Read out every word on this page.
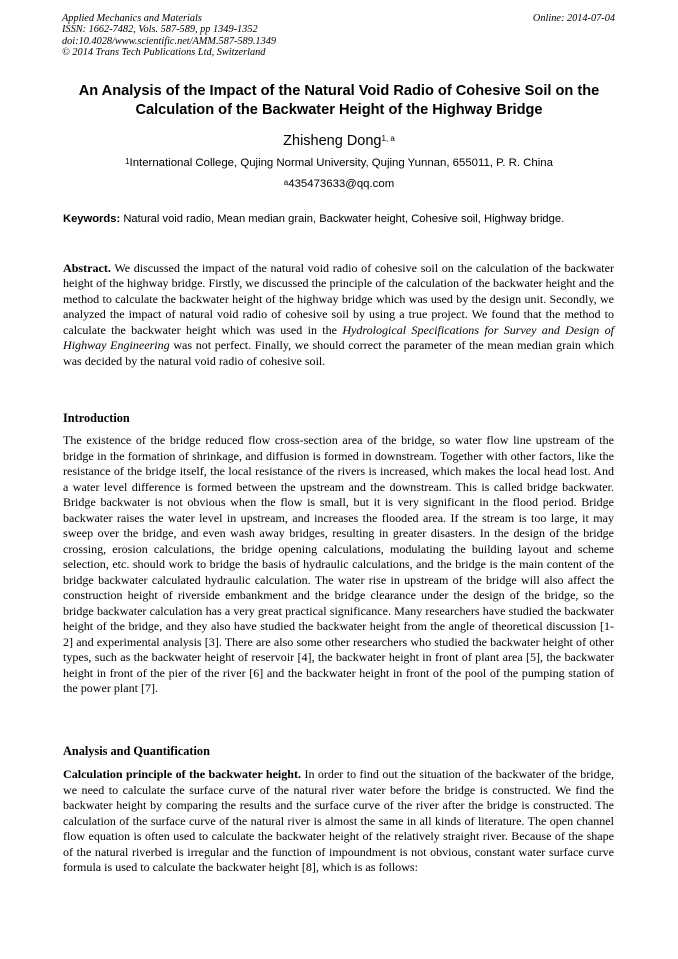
Applied Mechanics and Materials
ISSN: 1662-7482, Vols. 587-589, pp 1349-1352
doi:10.4028/www.scientific.net/AMM.587-589.1349
© 2014 Trans Tech Publications Ltd, Switzerland
Online: 2014-07-04
An Analysis of the Impact of the Natural Void Radio of Cohesive Soil on the Calculation of the Backwater Height of the Highway Bridge
Zhisheng Dong$^{1, a}$
$^1$International College, Qujing Normal University, Qujing Yunnan, 655011, P. R. China
$^a$435473633@qq.com
Keywords: Natural void radio, Mean median grain, Backwater height, Cohesive soil, Highway bridge.
Abstract. We discussed the impact of the natural void radio of cohesive soil on the calculation of the backwater height of the highway bridge. Firstly, we discussed the principle of the calculation of the backwater height and the method to calculate the backwater height of the highway bridge which was used by the design unit. Secondly, we analyzed the impact of natural void radio of cohesive soil by using a true project. We found that the method to calculate the backwater height which was used in the Hydrological Specifications for Survey and Design of Highway Engineering was not perfect. Finally, we should correct the parameter of the mean median grain which was decided by the natural void radio of cohesive soil.
Introduction
The existence of the bridge reduced flow cross-section area of the bridge, so water flow line upstream of the bridge in the formation of shrinkage, and diffusion is formed in downstream. Together with other factors, like the resistance of the bridge itself, the local resistance of the rivers is increased, which makes the local head lost. And a water level difference is formed between the upstream and the downstream. This is called bridge backwater. Bridge backwater is not obvious when the flow is small, but it is very significant in the flood period. Bridge backwater raises the water level in upstream, and increases the flooded area. If the stream is too large, it may sweep over the bridge, and even wash away bridges, resulting in greater disasters. In the design of the bridge crossing, erosion calculations, the bridge opening calculations, modulating the building layout and scheme selection, etc. should work to bridge the basis of hydraulic calculations, and the bridge is the main content of the bridge backwater calculated hydraulic calculation. The water rise in upstream of the bridge will also affect the construction height of riverside embankment and the bridge clearance under the design of the bridge, so the bridge backwater calculation has a very great practical significance. Many researchers have studied the backwater height of the bridge, and they also have studied the backwater height from the angle of theoretical discussion [1-2] and experimental analysis [3]. There are also some other researchers who studied the backwater height of other types, such as the backwater height of reservoir [4], the backwater height in front of plant area [5], the backwater height in front of the pier of the river [6] and the backwater height in front of the pool of the pumping station of the power plant [7].
Analysis and Quantification
Calculation principle of the backwater height. In order to find out the situation of the backwater of the bridge, we need to calculate the surface curve of the natural river water before the bridge is constructed. We find the backwater height by comparing the results and the surface curve of the river after the bridge is constructed. The calculation of the surface curve of the natural river is almost the same in all kinds of literature. The open channel flow equation is often used to calculate the backwater height of the relatively straight river. Because of the shape of the natural riverbed is irregular and the function of impoundment is not obvious, constant water surface curve formula is used to calculate the backwater height [8], which is as follows:
